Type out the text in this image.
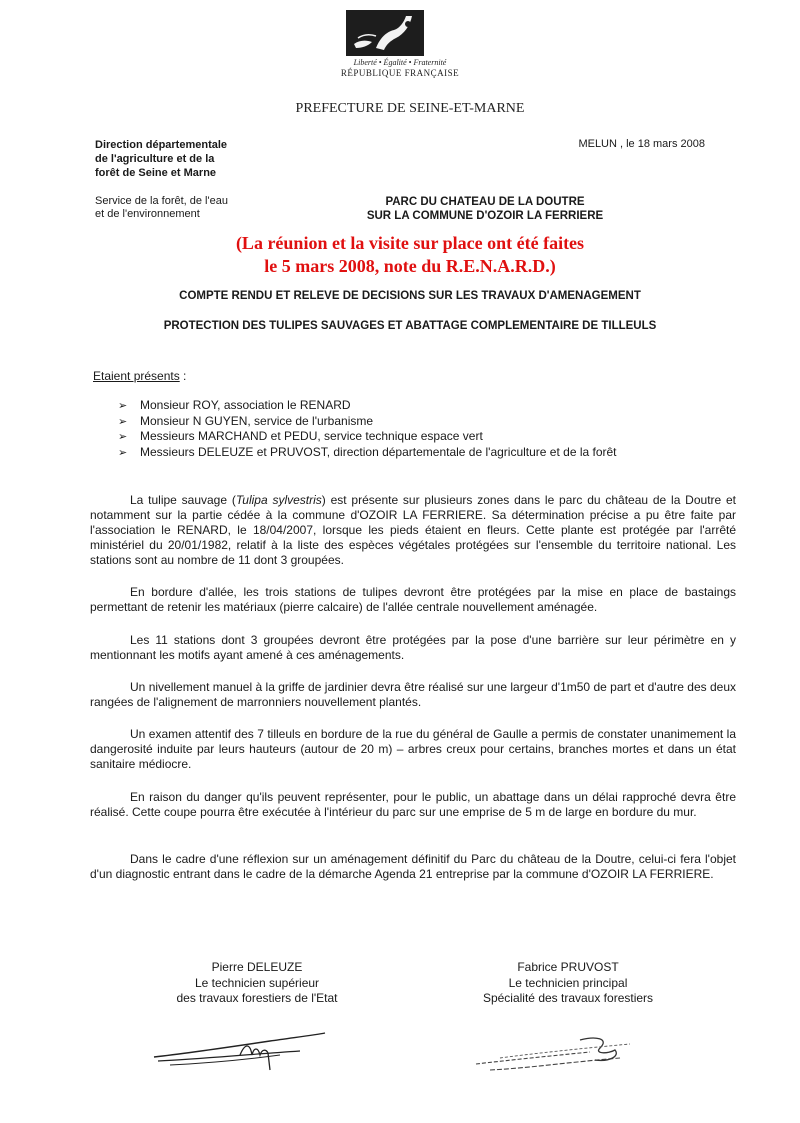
Liberté • Égalité • Fraternité
RÉPUBLIQUE FRANÇAISE
PREFECTURE DE SEINE-ET-MARNE
Direction départementale
de l'agriculture et de la
forêt de Seine et Marne
MELUN , le 18 mars 2008
Service de la forêt, de l'eau
et de l'environnement
PARC DU CHATEAU DE LA DOUTRE
SUR LA COMMUNE D'OZOIR LA FERRIERE
(La réunion et la visite sur place ont été faites
le 5 mars 2008, note du R.E.N.A.R.D.)
COMPTE RENDU ET RELEVE DE DECISIONS SUR LES TRAVAUX D'AMENAGEMENT
PROTECTION DES TULIPES SAUVAGES ET ABATTAGE COMPLEMENTAIRE DE TILLEULS
Etaient présents :
➢ Monsieur ROY, association le RENARD
➢ Monsieur N GUYEN, service de l'urbanisme
➢ Messieurs MARCHAND et PEDU, service technique espace vert
➢ Messieurs DELEUZE et PRUVOST, direction départementale de l'agriculture et de la forêt

La tulipe sauvage (Tulipa sylvestris) est présente sur plusieurs zones dans le parc du château de la Doutre et notamment sur la partie cédée à la commune d'OZOIR LA FERRIERE. Sa détermination précise a pu être faite par l'association le RENARD, le 18/04/2007, lorsque les pieds étaient en fleurs. Cette plante est protégée par l'arrêté ministériel du 20/01/1982, relatif à la liste des espèces végétales protégées sur l'ensemble du territoire national. Les stations sont au nombre de 11 dont 3 groupées.

En bordure d'allée, les trois stations de tulipes devront être protégées par la mise en place de bastaings permettant de retenir les matériaux (pierre calcaire) de l'allée centrale nouvellement aménagée.

Les 11 stations dont 3 groupées devront être protégées par la pose d'une barrière sur leur périmètre en y mentionnant les motifs ayant amené à ces aménagements.

Un nivellement manuel à la griffe de jardinier devra être réalisé sur une largeur d'1m50 de part et d'autre des deux rangées de l'alignement de marronniers nouvellement plantés.

Un examen attentif des 7 tilleuls en bordure de la rue du général de Gaulle a permis de constater unanimement la dangerosité induite par leurs hauteurs (autour de 20 m) – arbres creux pour certains, branches mortes et dans un état sanitaire médiocre.

En raison du danger qu'ils peuvent représenter, pour le public, un abattage dans un délai rapproché devra être réalisé. Cette coupe pourra être exécutée à l'intérieur du parc sur une emprise de 5 m de large en bordure du mur.

Dans le cadre d'une réflexion sur un aménagement définitif du Parc du château de la Doutre, celui-ci fera l'objet d'un diagnostic entrant dans le cadre de la démarche Agenda 21 entreprise par la commune d'OZOIR LA FERRIERE.

Pierre DELEUZE
Le technicien supérieur
des travaux forestiers de l'Etat
Fabrice PRUVOST
Le technicien principal
Spécialité des travaux forestiers
